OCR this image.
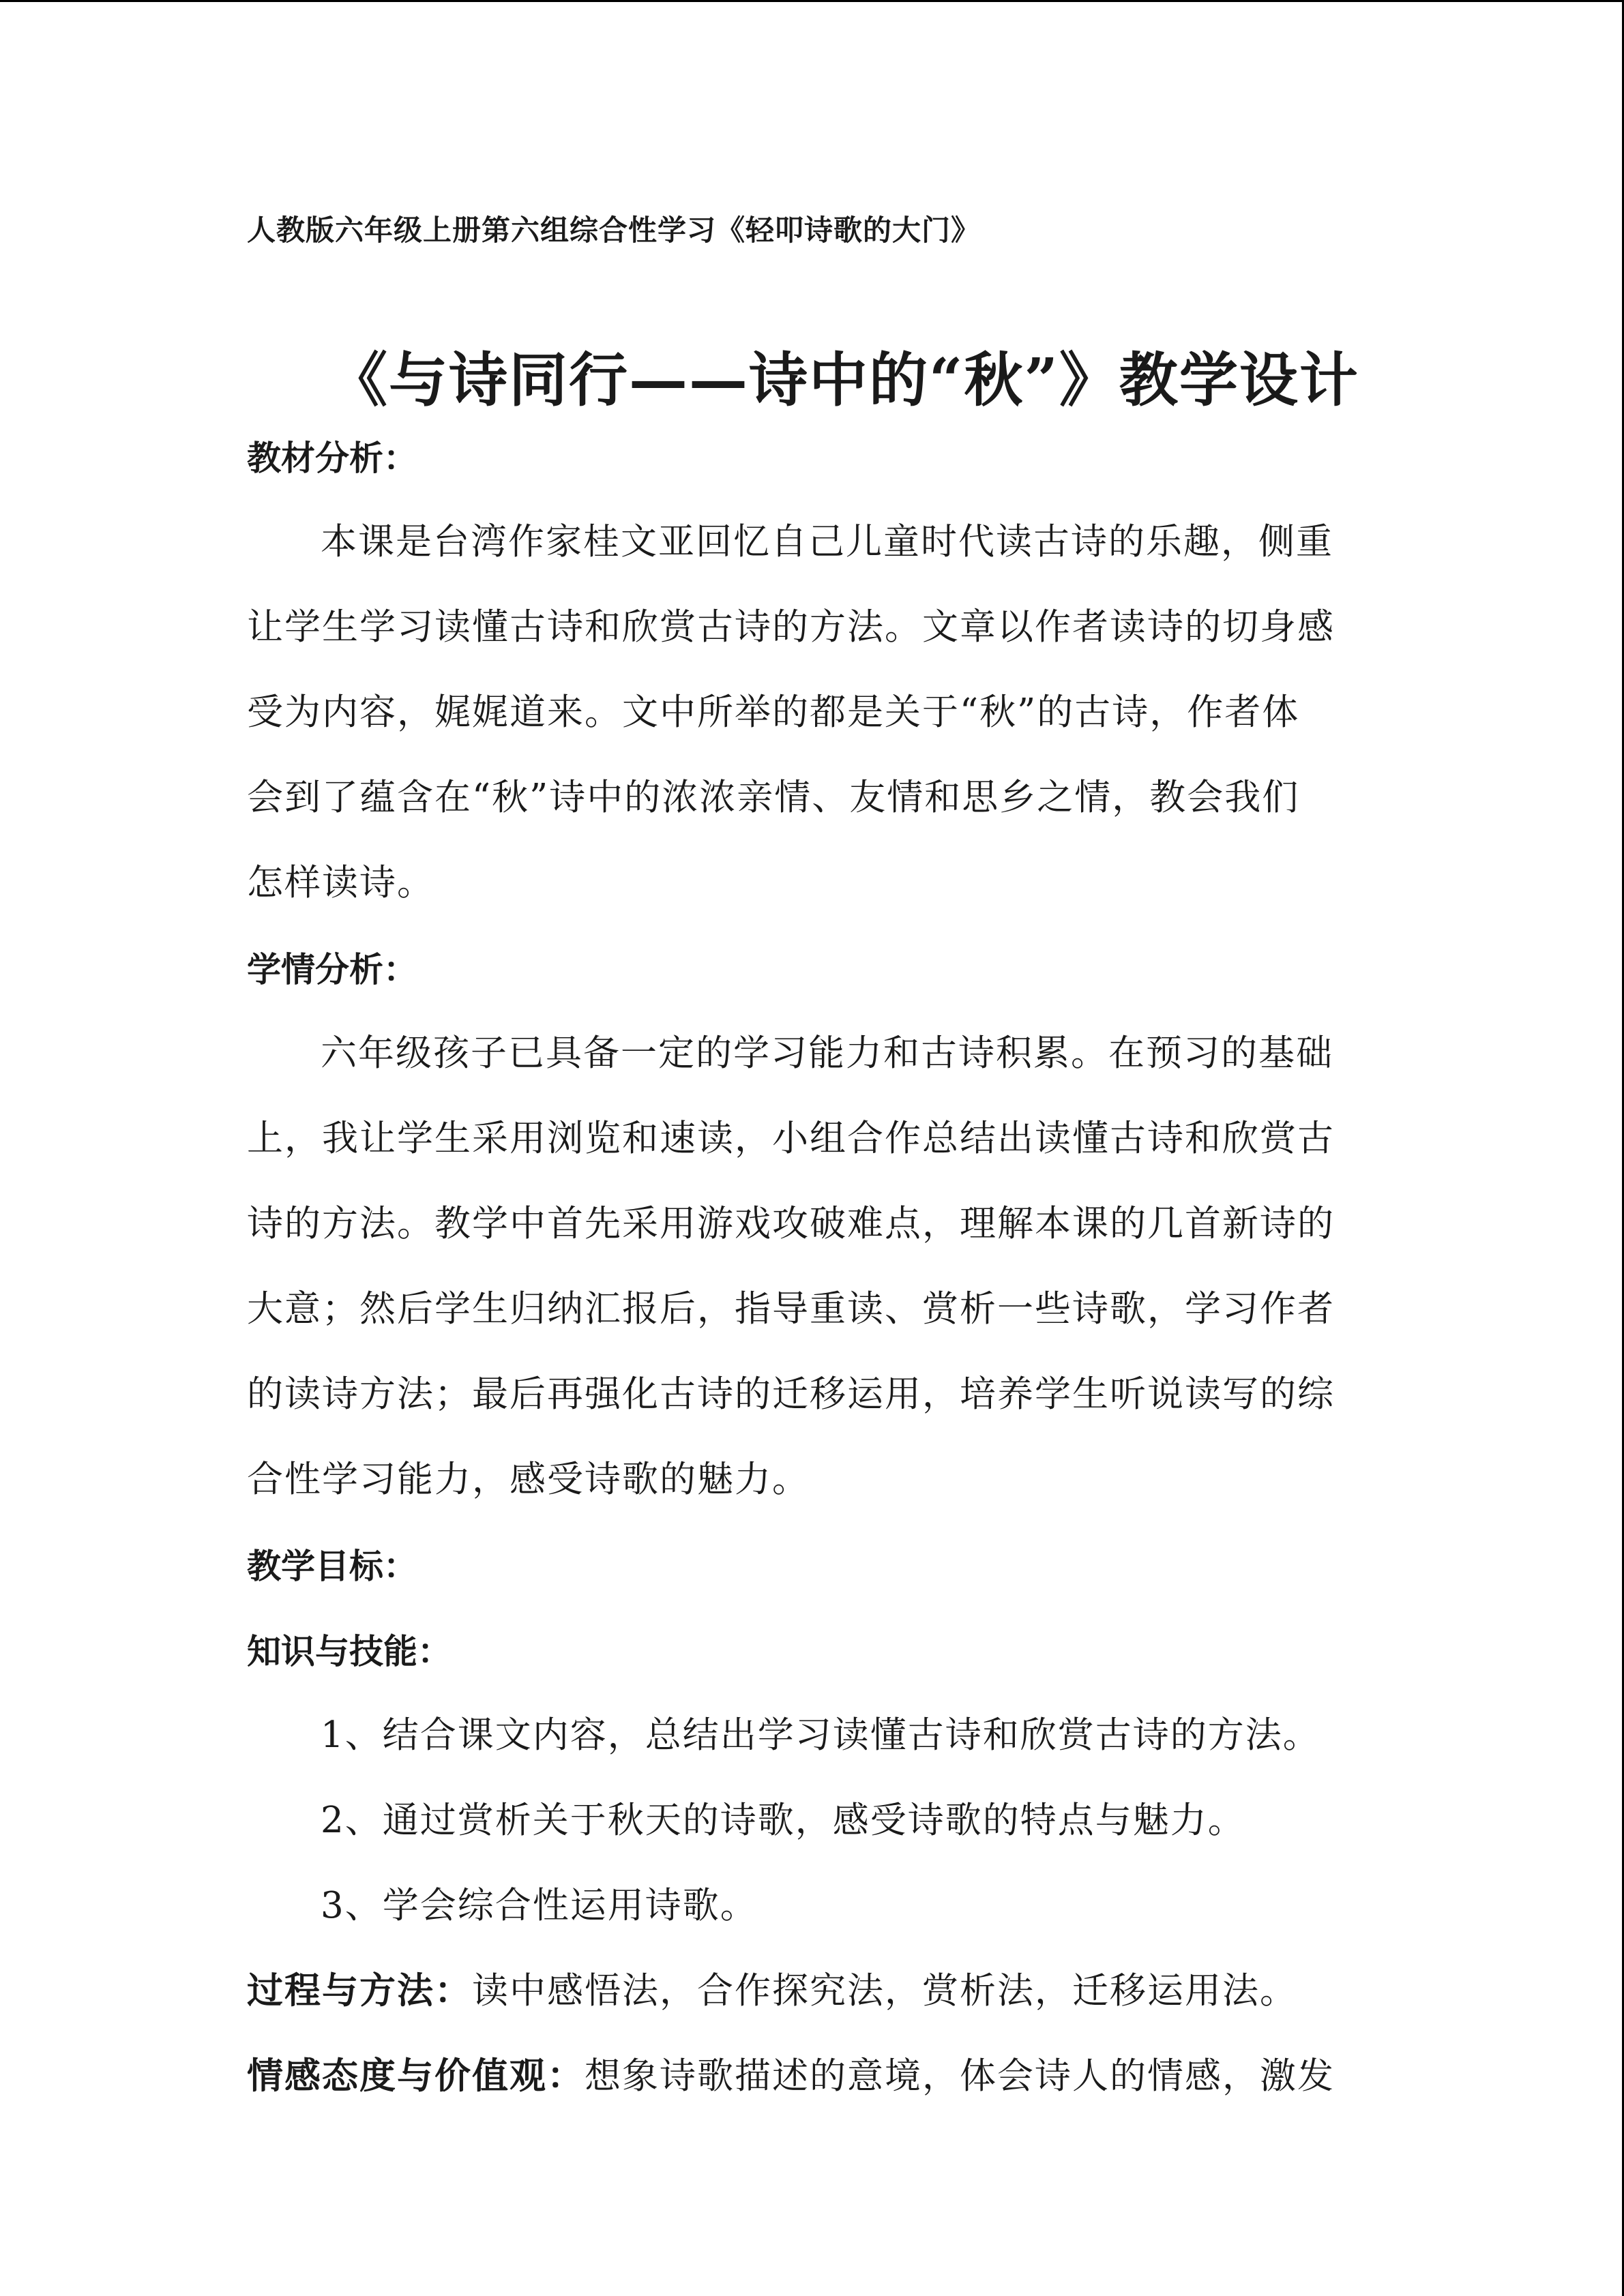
人教版六年级上册第六组综合性学习《轻叩诗歌的大门》
《与诗同行——诗中的“秋”》教学设计
教材分析：
本课是台湾作家桂文亚回忆自己儿童时代读古诗的乐趣，侧重
让学生学习读懂古诗和欣赏古诗的方法。文章以作者读诗的切身感
受为内容，娓娓道来。文中所举的都是关于“秋”的古诗，作者体
会到了蕴含在“秋”诗中的浓浓亲情、友情和思乡之情，教会我们
怎样读诗。
学情分析：
六年级孩子已具备一定的学习能力和古诗积累。在预习的基础
上，我让学生采用浏览和速读，小组合作总结出读懂古诗和欣赏古
诗的方法。教学中首先采用游戏攻破难点，理解本课的几首新诗的
大意；然后学生归纳汇报后，指导重读、赏析一些诗歌，学习作者
的读诗方法；最后再强化古诗的迁移运用，培养学生听说读写的综
合性学习能力，感受诗歌的魅力。
教学目标：
知识与技能：
1、结合课文内容，总结出学习读懂古诗和欣赏古诗的方法。
2、通过赏析关于秋天的诗歌，感受诗歌的特点与魅力。
3、学会综合性运用诗歌。
过程与方法：读中感悟法，合作探究法，赏析法，迁移运用法。
情感态度与价值观：想象诗歌描述的意境，体会诗人的情感，激发
